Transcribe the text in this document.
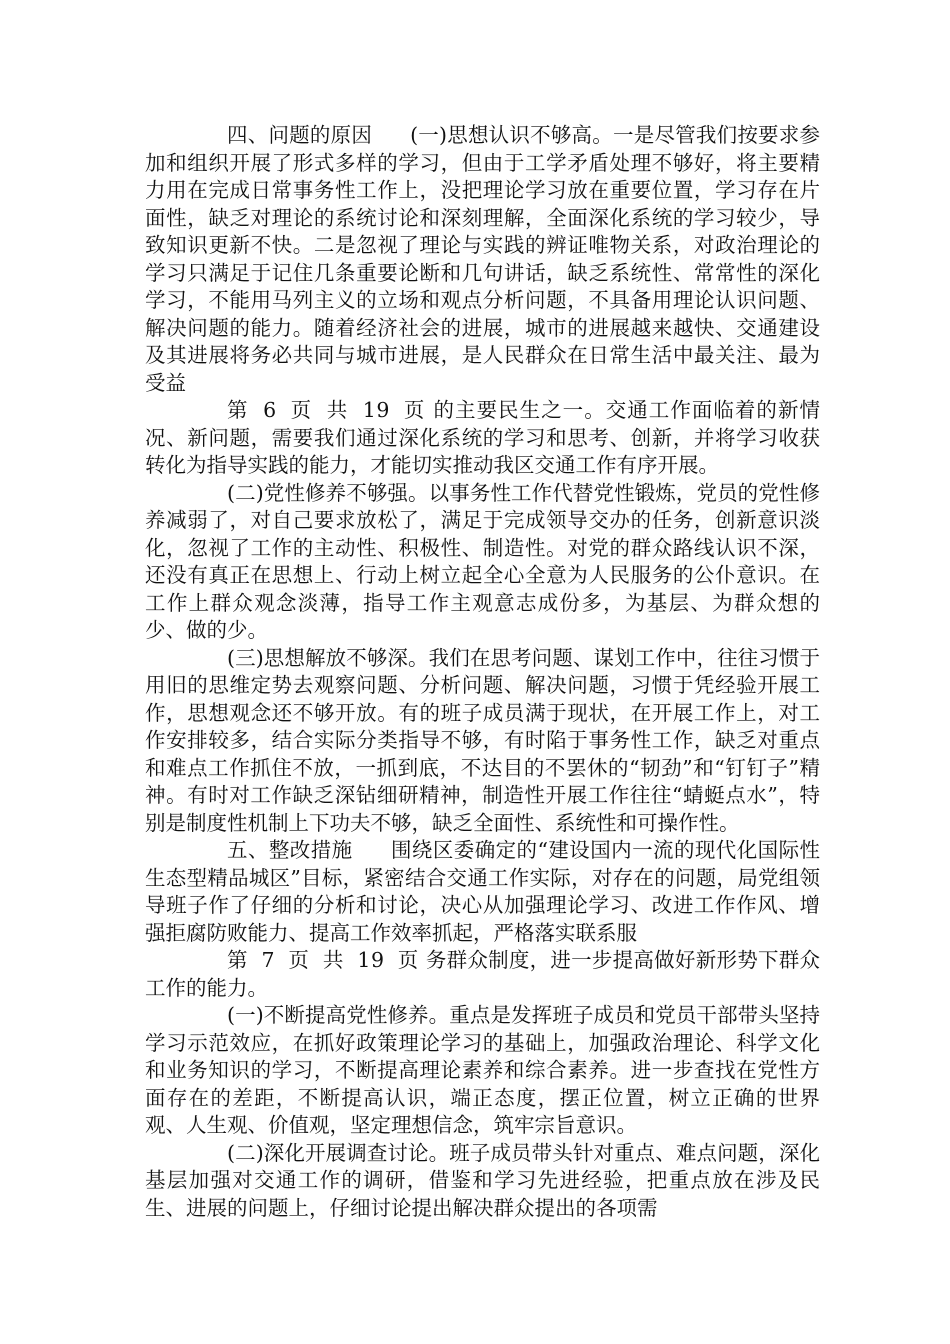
四、问题的原因 (一)思想认识不够高。一是尽管我们按要求参加和组织开展了形式多样的学习，但由于工学矛盾处理不够好，将主要精力用在完成日常事务性工作上，没把理论学习放在重要位置，学习存在片面性，缺乏对理论的系统讨论和深刻理解，全面深化系统的学习较少，导致知识更新不快。二是忽视了理论与实践的辨证唯物关系，对政治理论的学习只满足于记住几条重要论断和几句讲话，缺乏系统性、常常性的深化学习，不能用马列主义的立场和观点分析问题，不具备用理论认识问题、解决问题的能力。随着经济社会的进展，城市的进展越来越快、交通建设及其进展将务必共同与城市进展，是人民群众在日常生活中最关注、最为受益

第 6 页 共 19 页 的主要民生之一。交通工作面临着的新情况、新问题，需要我们通过深化系统的学习和思考、创新，并将学习收获转化为指导实践的能力，才能切实推动我区交通工作有序开展。

(二)党性修养不够强。以事务性工作代替党性锻炼，党员的党性修养减弱了，对自己要求放松了，满足于完成领导交办的任务，创新意识淡化，忽视了工作的主动性、积极性、制造性。对党的群众路线认识不深，还没有真正在思想上、行动上树立起全心全意为人民服务的公仆意识。在工作上群众观念淡薄，指导工作主观意志成份多，为基层、为群众想的少、做的少。

(三)思想解放不够深。我们在思考问题、谋划工作中，往往习惯于用旧的思维定势去观察问题、分析问题、解决问题，习惯于凭经验开展工作，思想观念还不够开放。有的班子成员满于现状，在开展工作上，对工作安排较多，结合实际分类指导不够，有时陷于事务性工作，缺乏对重点和难点工作抓住不放，一抓到底，不达目的不罢休的“韧劲”和“钉钉子”精神。有时对工作缺乏深钻细研精神，制造性开展工作往往“蜻蜓点水”，特别是制度性机制上下功夫不够，缺乏全面性、系统性和可操作性。

五、整改措施 围绕区委确定的“建设国内一流的现代化国际性生态型精品城区”目标，紧密结合交通工作实际，对存在的问题，局党组领导班子作了仔细的分析和讨论，决心从加强理论学习、改进工作作风、增强拒腐防败能力、提高工作效率抓起，严格落实联系服

第 7 页 共 19 页 务群众制度，进一步提高做好新形势下群众工作的能力。

(一)不断提高党性修养。重点是发挥班子成员和党员干部带头坚持学习示范效应，在抓好政策理论学习的基础上，加强政治理论、科学文化和业务知识的学习，不断提高理论素养和综合素养。进一步查找在党性方面存在的差距，不断提高认识，端正态度，摆正位置，树立正确的世界观、人生观、价值观，坚定理想信念，筑牢宗旨意识。

(二)深化开展调查讨论。班子成员带头针对重点、难点问题，深化基层加强对交通工作的调研，借鉴和学习先进经验，把重点放在涉及民生、进展的问题上，仔细讨论提出解决群众提出的各项需
